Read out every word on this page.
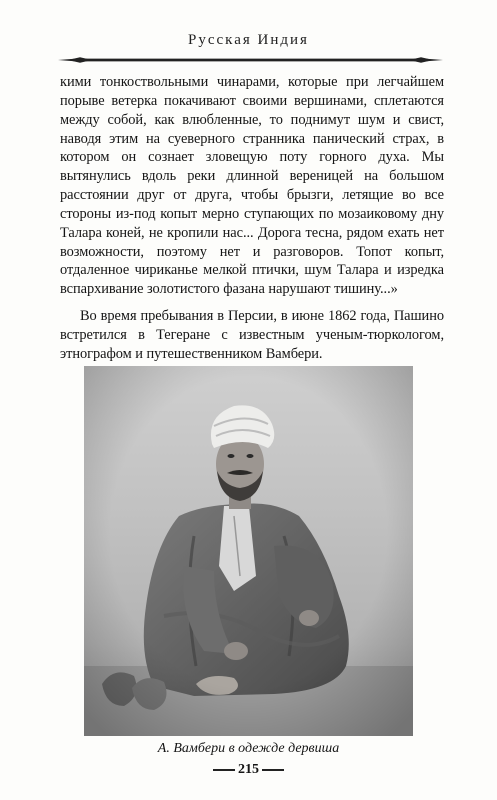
Русская Индия

кими тонкоствольными чинарами, которые при легчайшем порыве ветерка покачивают своими вершинами, сплетаются между собой, как влюбленные, то поднимут шум и свист, наводя этим на суеверного странника панический страх, в котором он сознает зловещую поту горного духа. Мы вытянулись вдоль реки длинной вереницей на большом расстоянии друг от друга, чтобы брызги, летящие во все стороны из-под копыт мерно ступающих по мозаиковому дну Талара коней, не кропили нас... Дорога тесна, рядом ехать нет возможности, поэтому нет и разговоров. Топот копыт, отдаленное чириканье мелкой птички, шум Талара и изредка вспархивание золотистого фазана нарушают тишину...»

Во время пребывания в Персии, в июне 1862 года, Пашино встретился в Тегеране с известным ученым-тюркологом, этнографом и путешественником Вамбери.

А. Вамбери в одежде дервиша
215
